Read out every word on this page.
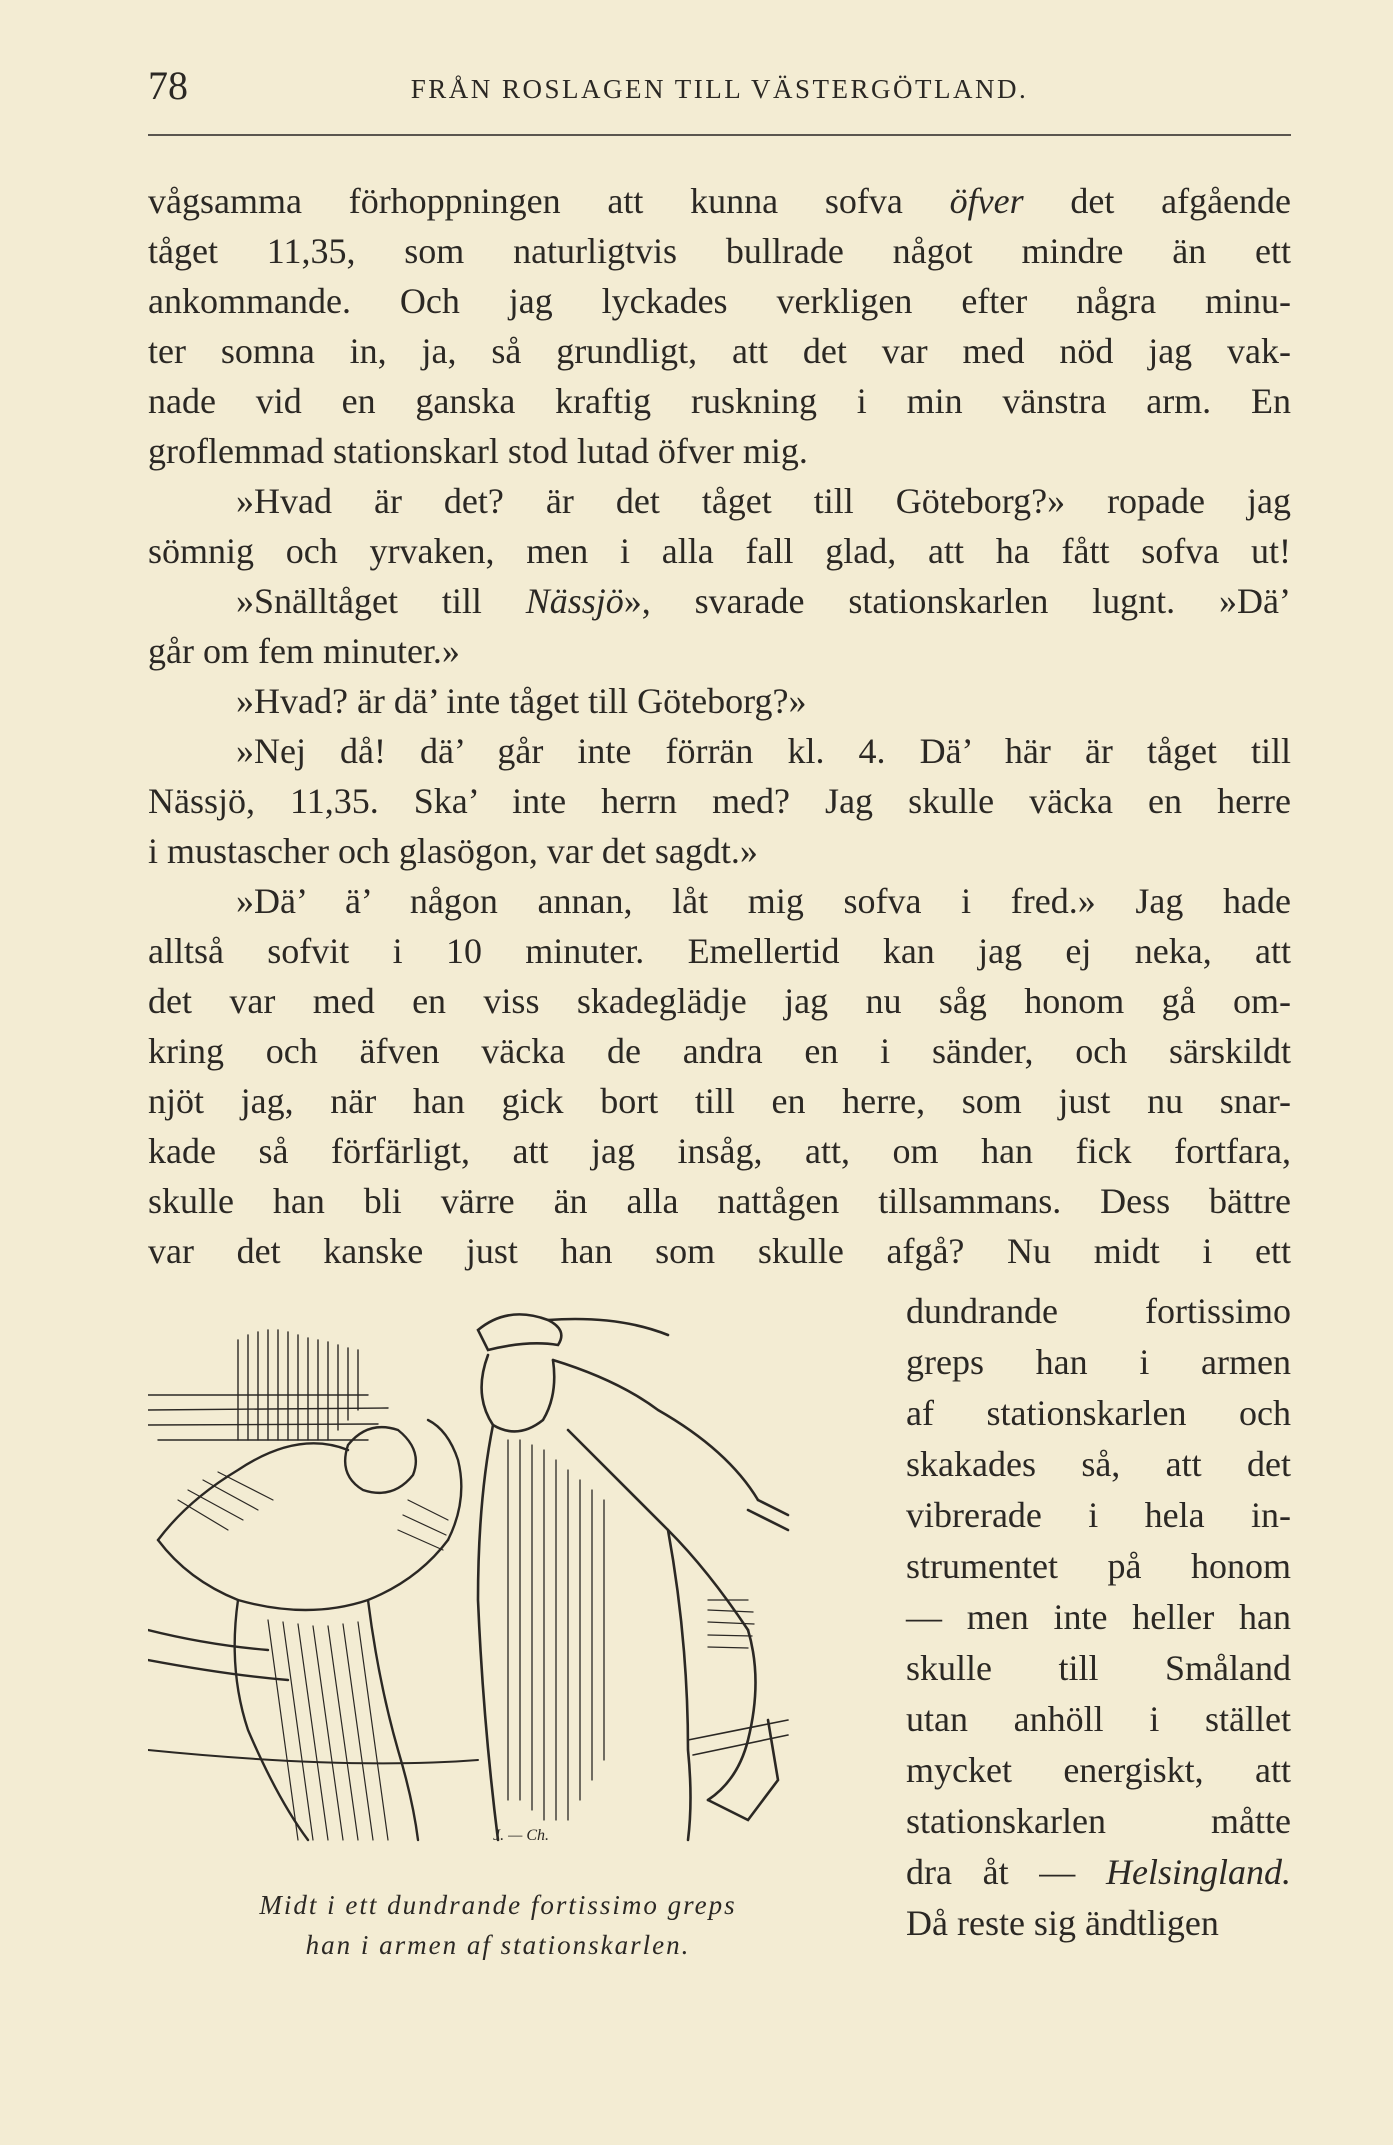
78	FRÅN ROSLAGEN TILL VÄSTERGÖTLAND.
vågsamma förhoppningen att kunna sofva öfver det afgående
tåget 11,35, som naturligtvis bullrade något mindre än ett
ankommande. Och jag lyckades verkligen efter några minu-
ter somna in, ja, så grundligt, att det var med nöd jag vak-
nade vid en ganska kraftig ruskning i min vänstra arm. En
groflemmad stationskarl stod lutad öfver mig.
»Hvad är det? är det tåget till Göteborg?» ropade jag
sömnig och yrvaken, men i alla fall glad, att ha fått sofva ut!
»Snälltåget till Nässjö», svarade stationskarlen lugnt. »Dä’
går om fem minuter.»
»Hvad? är dä’ inte tåget till Göteborg?»
»Nej då! dä’ går inte förrän kl. 4. Dä’ här är tåget till
Nässjö, 11,35. Ska’ inte herrn med? Jag skulle väcka en herre
i mustascher och glasögon, var det sagdt.»
»Dä’ ä’ någon annan, låt mig sofva i fred.» Jag hade
alltså sofvit i 10 minuter. Emellertid kan jag ej neka, att
det var med en viss skadeglädje jag nu såg honom gå om-
kring och äfven väcka de andra en i sänder, och särskildt
njöt jag, när han gick bort till en herre, som just nu snar-
kade så förfärligt, att jag insåg, att, om han fick fortfara,
skulle han bli värre än alla nattågen tillsammans. Dess bättre
var det kanske just han som skulle afgå? Nu midt i ett
dundrande fortissimo
greps han i armen
af stationskarlen och
skakades så, att det
vibrerade i hela in-
strumentet på honom
— men inte heller han
skulle till Småland
utan anhöll i stället
mycket energiskt, att
stationskarlen måtte
dra åt — Helsingland.
Då reste sig ändtligen
J. — Ch.
Midt i ett dundrande fortissimo greps
han i armen af stationskarlen.
